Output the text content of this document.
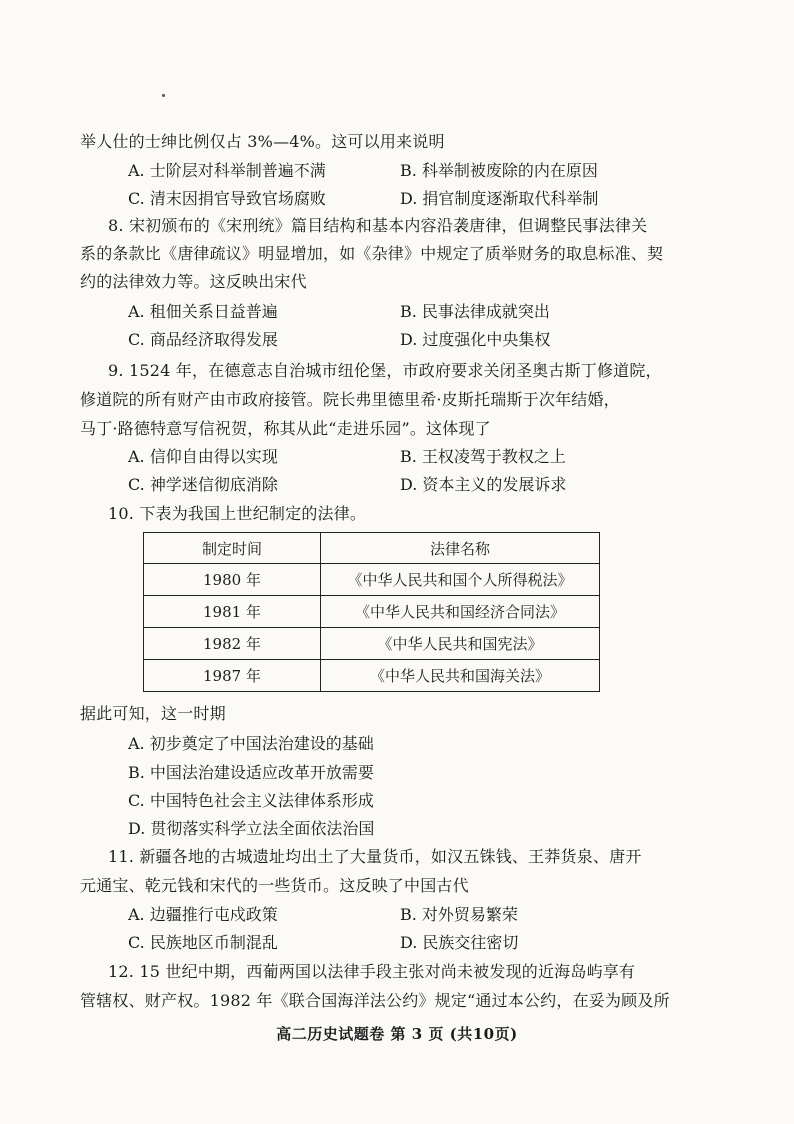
举人仕的士绅比例仅占 3%—4%。这可以用来说明
A. 士阶层对科举制普遍不满	B. 科举制被废除的内在原因
C. 清末因捐官导致官场腐败	D. 捐官制度逐渐取代科举制
8. 宋初颁布的《宋刑统》篇目结构和基本内容沿袭唐律，但调整民事法律关
系的条款比《唐律疏议》明显增加，如《杂律》中规定了质举财务的取息标准、契
约的法律效力等。这反映出宋代
A. 租佃关系日益普遍	B. 民事法律成就突出
C. 商品经济取得发展	D. 过度强化中央集权
9. 1524 年，在德意志自治城市纽伦堡，市政府要求关闭圣奥古斯丁修道院，
修道院的所有财产由市政府接管。院长弗里德里希·皮斯托瑞斯于次年结婚，
马丁·路德特意写信祝贺，称其从此“走进乐园”。这体现了
A. 信仰自由得以实现	B. 王权凌驾于教权之上
C. 神学迷信彻底消除	D. 资本主义的发展诉求
10. 下表为我国上世纪制定的法律。
制定时间	法律名称
1980 年	《中华人民共和国个人所得税法》
1981 年	《中华人民共和国经济合同法》
1982 年	《中华人民共和国宪法》
1987 年	《中华人民共和国海关法》
据此可知，这一时期
A. 初步奠定了中国法治建设的基础
B. 中国法治建设适应改革开放需要
C. 中国特色社会主义法律体系形成
D. 贯彻落实科学立法全面依法治国
11. 新疆各地的古城遗址均出土了大量货币，如汉五铢钱、王莽货泉、唐开
元通宝、乾元钱和宋代的一些货币。这反映了中国古代
A. 边疆推行屯戍政策	B. 对外贸易繁荣
C. 民族地区币制混乱	D. 民族交往密切
12. 15 世纪中期，西葡两国以法律手段主张对尚未被发现的近海岛屿享有
管辖权、财产权。1982 年《联合国海洋法公约》规定“通过本公约，在妥为顾及所
高二历史试题卷 第 3 页 (共10页)
